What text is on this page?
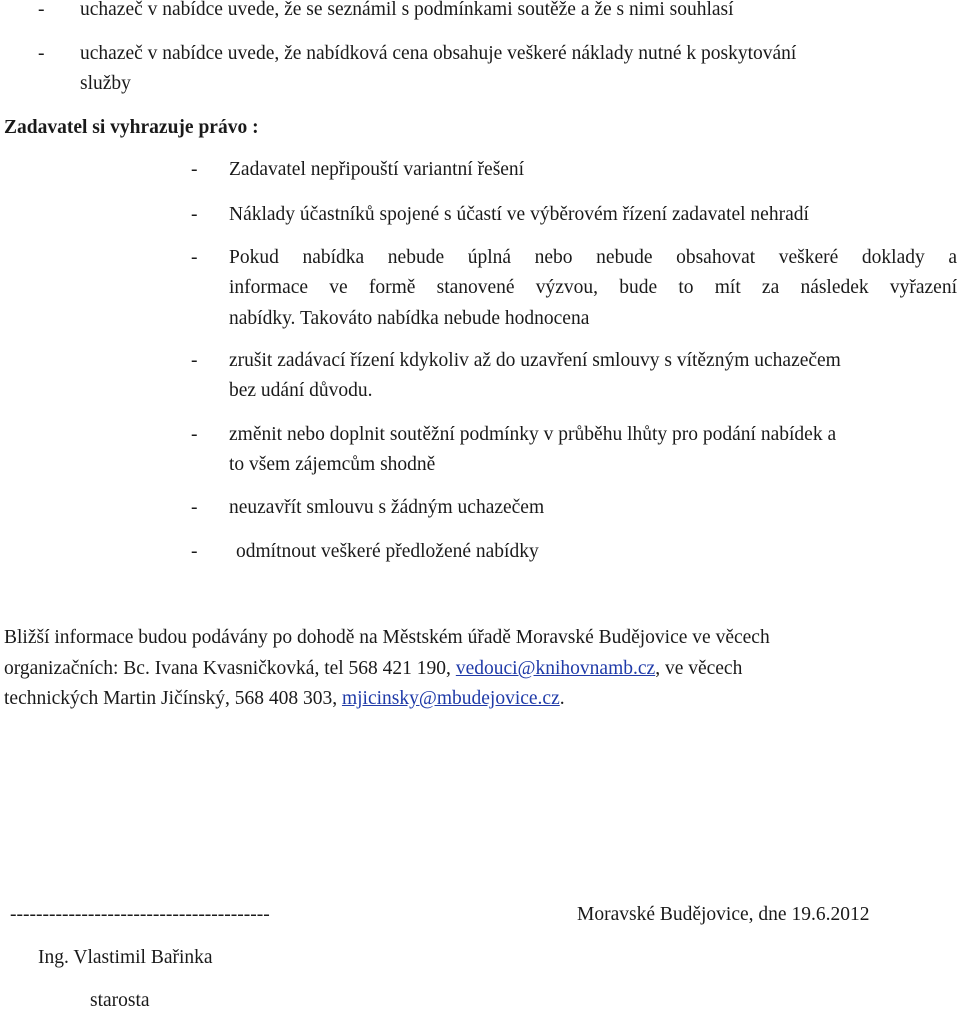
- uchazeč v nabídce uvede, že se seznámil s podmínkami soutěže a že s nimi souhlasí
- uchazeč v nabídce uvede, že nabídková cena obsahuje veškeré náklady nutné k poskytování
služby
Zadavatel si vyhrazuje právo :
- Zadavatel nepřipouští variantní řešení
- Náklady účastníků spojené s účastí ve výběrovém řízení zadavatel nehradí
- Pokud nabídka nebude úplná nebo nebude obsahovat veškeré doklady a
informace ve formě stanovené výzvou, bude to mít za následek vyřazení
nabídky. Takováto nabídka nebude hodnocena
- zrušit zadávací řízení kdykoliv až do uzavření smlouvy s vítězným uchazečem
bez udání důvodu.
- změnit nebo doplnit soutěžní podmínky v průběhu lhůty pro podání nabídek a
to všem zájemcům shodně
- neuzavřít smlouvu s žádným uchazečem
- odmítnout veškeré předložené nabídky
Bližší informace budou podávány po dohodě na Městském úřadě Moravské Budějovice ve věcech
organizačních: Bc. Ivana Kvasničkovká, tel 568 421 190, vedouci@knihovnamb.cz, ve věcech
technických Martin Jičínský, 568 408 303, mjicinsky@mbudejovice.cz.
----------------------------------------	Moravské Budějovice, dne 19.6.2012
Ing. Vlastimil Bařinka
starosta
